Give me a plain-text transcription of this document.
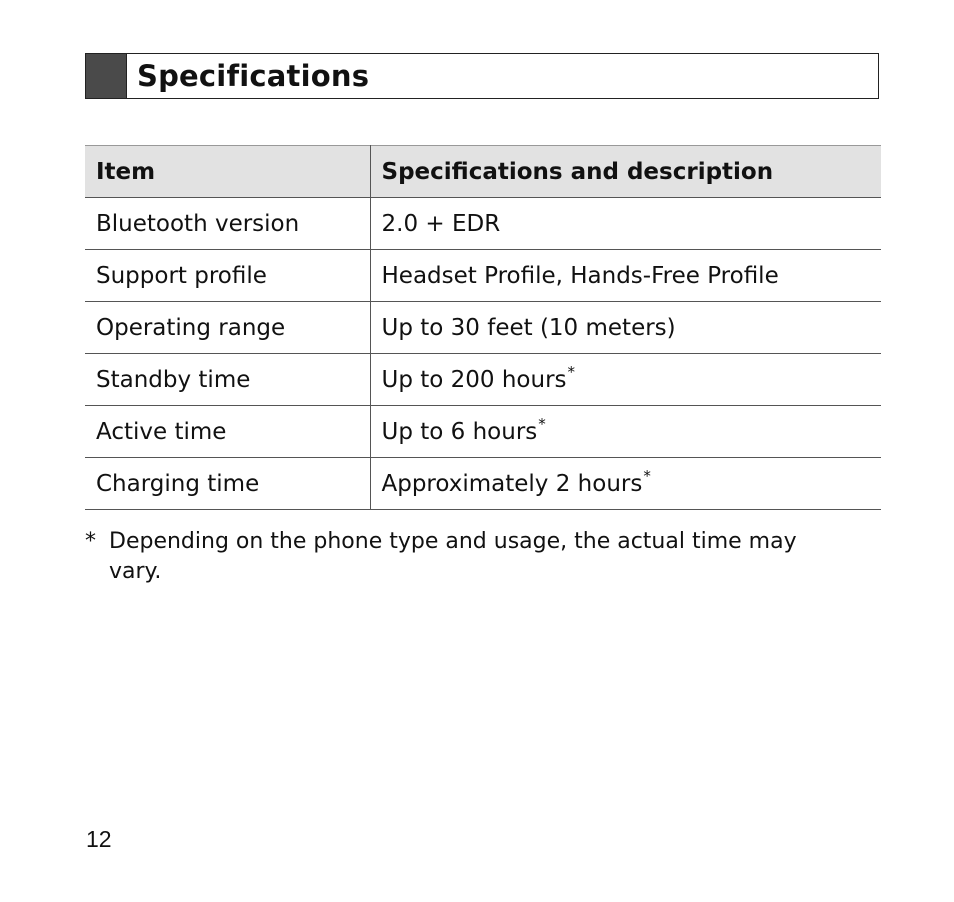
Specifications
Item	Specifications and description
Bluetooth version	2.0 + EDR
Support profile	Headset Profile, Hands-Free Profile
Operating range	Up to 30 feet (10 meters)
Standby time	Up to 200 hours*
Active time	Up to 6 hours*
Charging time	Approximately 2 hours*
* Depending on the phone type and usage, the actual time may
vary.
12
